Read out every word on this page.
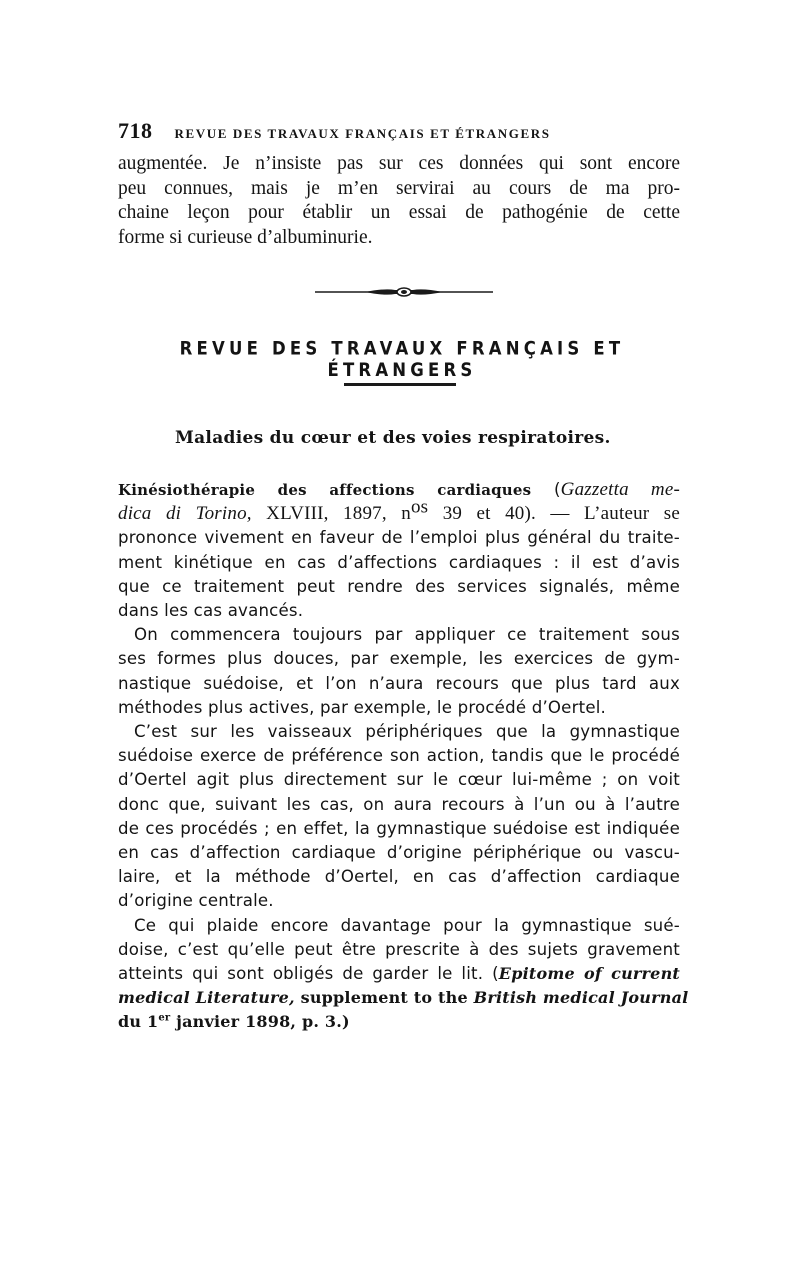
718 REVUE DES TRAVAUX FRANÇAIS ET ÉTRANGERS
augmentée. Je n’insiste pas sur ces données qui sont encore
peu connues, mais je m’en servirai au cours de ma pro-
chaine leçon pour établir un essai de pathogénie de cette
forme si curieuse d’albuminurie.
REVUE DES TRAVAUX FRANÇAIS ET ÉTRANGERS
Maladies du cœur et des voies respiratoires.
Kinésiothérapie des affections cardiaques (Gazzetta me-
dica di Torino, XLVIII, 1897, $n^{os}$ 39 et 40). — L’auteur se
prononce vivement en faveur de l’emploi plus général du traite-
ment kinétique en cas d’affections cardiaques : il est d’avis
que ce traitement peut rendre des services signalés, même
dans les cas avancés.
On commencera toujours par appliquer ce traitement sous
ses formes plus douces, par exemple, les exercices de gym-
nastique suédoise, et l’on n’aura recours que plus tard aux
méthodes plus actives, par exemple, le procédé d’Oertel.
C’est sur les vaisseaux périphériques que la gymnastique
suédoise exerce de préférence son action, tandis que le procédé
d’Oertel agit plus directement sur le cœur lui-même ; on voit
donc que, suivant les cas, on aura recours à l’un ou à l’autre
de ces procédés ; en effet, la gymnastique suédoise est indiquée
en cas d’affection cardiaque d’origine périphérique ou vascu-
laire, et la méthode d’Oertel, en cas d’affection cardiaque
d’origine centrale.
Ce qui plaide encore davantage pour la gymnastique sué-
doise, c’est qu’elle peut être prescrite à des sujets gravement
atteints qui sont obligés de garder le lit. (Epitome of current
medical Literature, supplement to the British medical Journal
du 1er janvier 1898, p. 3.)
